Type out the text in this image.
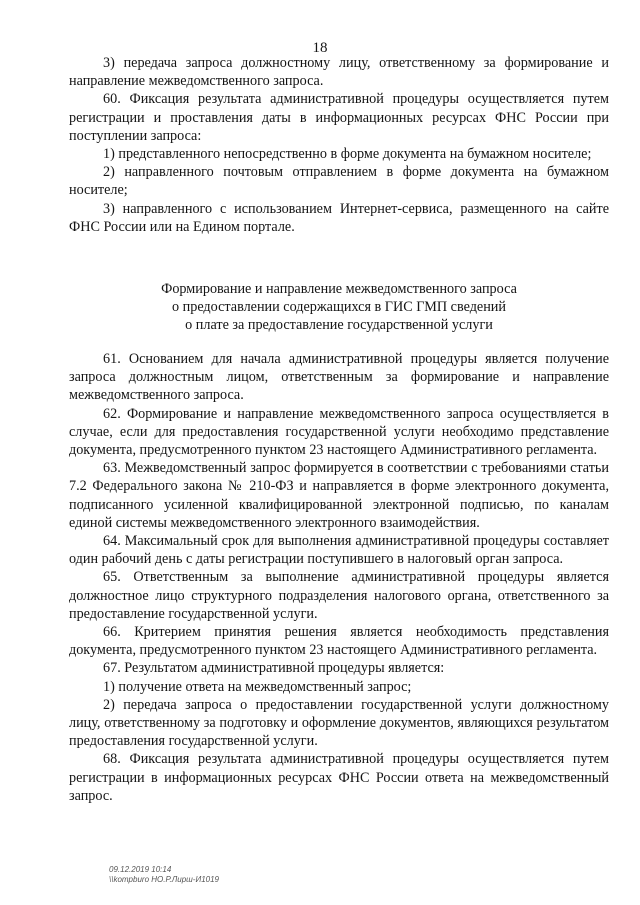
18

3) передача запроса должностному лицу, ответственному за формирование и направление межведомственного запроса.

60. Фиксация результата административной процедуры осуществляется путем регистрации и проставления даты в информационных ресурсах ФНС России при поступлении запроса:

1) представленного непосредственно в форме документа на бумажном носителе;

2) направленного почтовым отправлением в форме документа на бумажном носителе;

3) направленного с использованием Интернет-сервиса, размещенного на сайте ФНС России или на Едином портале.

Формирование и направление межведомственного запроса
о предоставлении содержащихся в ГИС ГМП сведений
о плате за предоставление государственной услуги

61. Основанием для начала административной процедуры является получение запроса должностным лицом, ответственным за формирование и направление межведомственного запроса.

62. Формирование и направление межведомственного запроса осуществляется в случае, если для предоставления государственной услуги необходимо представление документа, предусмотренного пунктом 23 настоящего Административного регламента.

63. Межведомственный запрос формируется в соответствии с требованиями статьи 7.2 Федерального закона № 210-ФЗ и направляется в форме электронного документа, подписанного усиленной квалифицированной электронной подписью, по каналам единой системы межведомственного электронного взаимодействия.

64. Максимальный срок для выполнения административной процедуры составляет один рабочий день с даты регистрации поступившего в налоговый орган запроса.

65. Ответственным за выполнение административной процедуры является должностное лицо структурного подразделения налогового органа, ответственного за предоставление государственной услуги.

66. Критерием принятия решения является необходимость представления документа, предусмотренного пунктом 23 настоящего Административного регламента.

67. Результатом административной процедуры является:

1) получение ответа на межведомственный запрос;

2) передача запроса о предоставлении государственной услуги должностному лицу, ответственному за подготовку и оформление документов, являющихся результатом предоставления государственной услуги.

68. Фиксация результата административной процедуры осуществляется путем регистрации в информационных ресурсах ФНС России ответа на межведомственный запрос.

09.12.2019 10:14
\\kompburo НО.Р.Лирш-И1019
